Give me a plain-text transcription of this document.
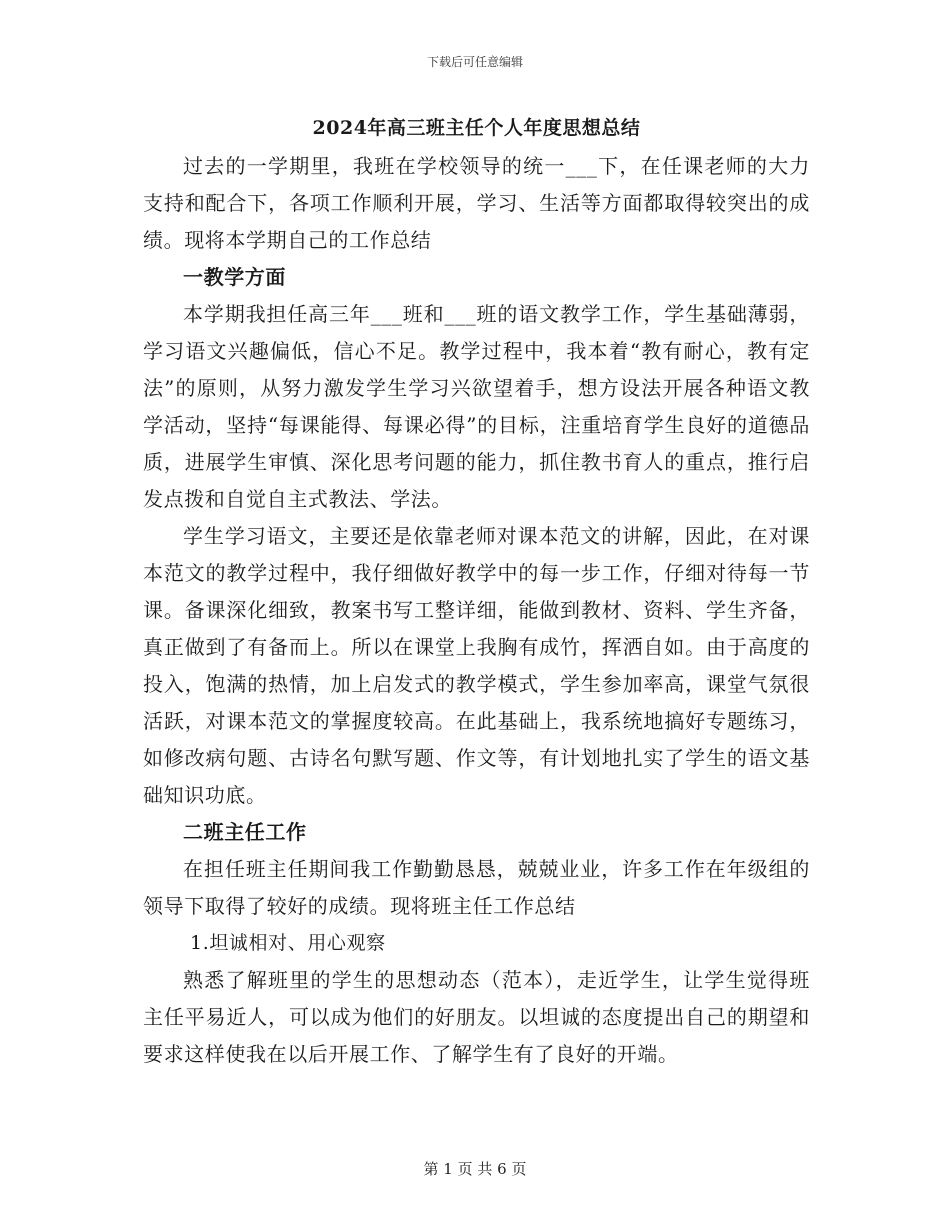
下载后可任意编辑
2024年高三班主任个人年度思想总结

过去的一学期里，我班在学校领导的统一___下，在任课老师的大力支持和配合下，各项工作顺利开展，学习、生活等方面都取得较突出的成绩。现将本学期自己的工作总结

一教学方面

本学期我担任高三年___班和___班的语文教学工作，学生基础薄弱，学习语文兴趣偏低，信心不足。教学过程中，我本着“教有耐心，教有定法”的原则，从努力激发学生学习兴欲望着手，想方设法开展各种语文教学活动，坚持“每课能得、每课必得”的目标，注重培育学生良好的道德品质，进展学生审慎、深化思考问题的能力，抓住教书育人的重点，推行启发点拨和自觉自主式教法、学法。

学生学习语文，主要还是依靠老师对课本范文的讲解，因此，在对课本范文的教学过程中，我仔细做好教学中的每一步工作，仔细对待每一节课。备课深化细致，教案书写工整详细，能做到教材、资料、学生齐备，真正做到了有备而上。所以在课堂上我胸有成竹，挥洒自如。由于高度的投入，饱满的热情，加上启发式的教学模式，学生参加率高，课堂气氛很活跃，对课本范文的掌握度较高。在此基础上，我系统地搞好专题练习，如修改病句题、古诗名句默写题、作文等，有计划地扎实了学生的语文基础知识功底。

二班主任工作

在担任班主任期间我工作勤勤恳恳，兢兢业业，许多工作在年级组的领导下取得了较好的成绩。现将班主任工作总结

1.坦诚相对、用心观察

熟悉了解班里的学生的思想动态（范本），走近学生，让学生觉得班主任平易近人，可以成为他们的好朋友。以坦诚的态度提出自己的期望和要求这样使我在以后开展工作、了解学生有了良好的开端。

第 1 页 共 6 页
